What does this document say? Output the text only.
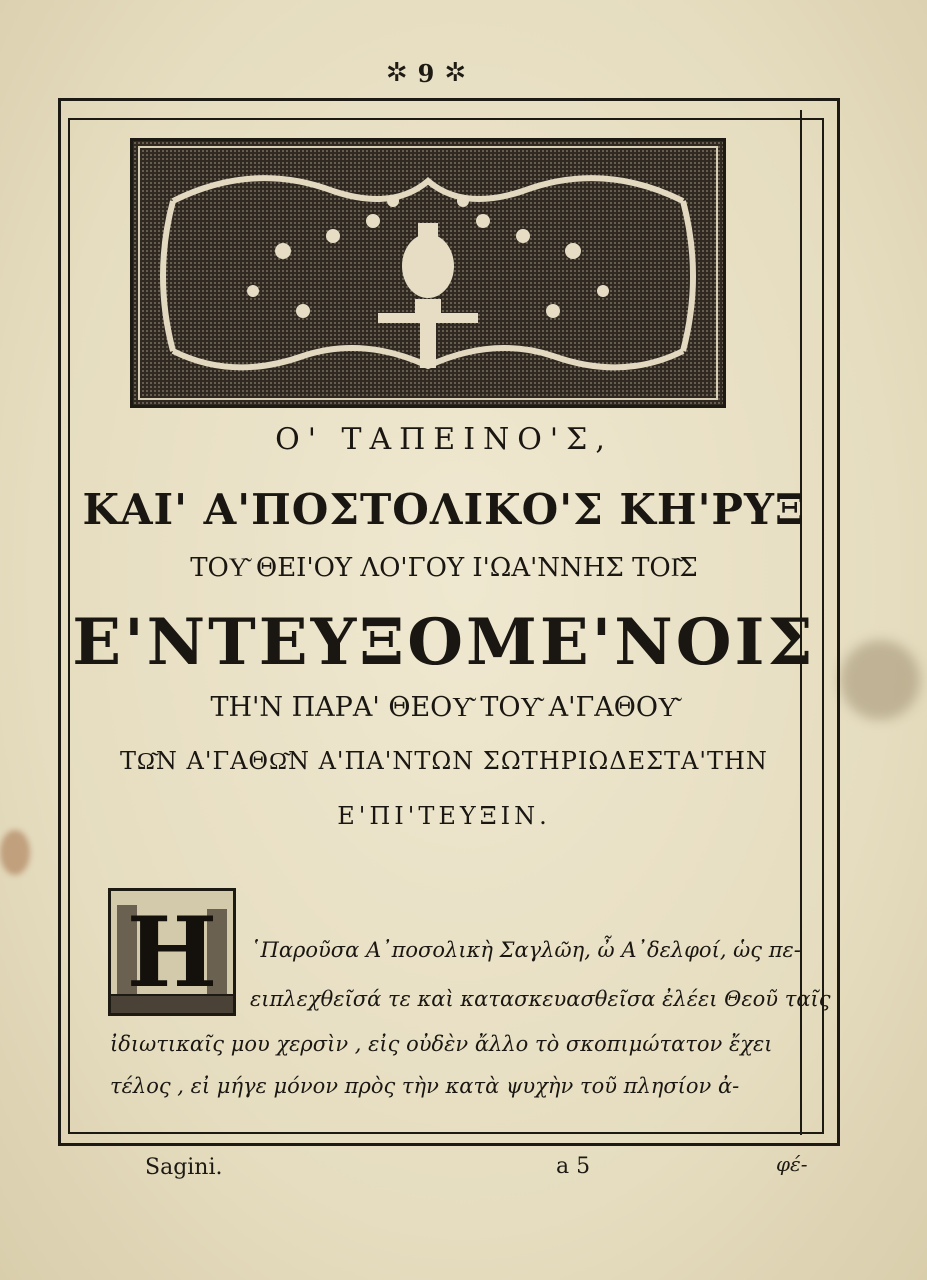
✲ 9 ✲
Ο' ΤΑΠΕΙΝΟ'Σ,
ΚΑΙ' Α'ΠΟΣΤΟΛΙΚΟ'Σ ΚΗ'ΡΥΞ
ΤΟΥ͂ ΘΕΙ'ΟΥ ΛΟ'ΓΟΥ Ι'ΩΑ'ΝΝΗΣ ΤΟΙ͂Σ
Ε'ΝΤΕΥΞΟΜΕ'ΝΟΙΣ
ΤΗ'Ν ΠΑΡΑ' ΘΕΟΥ͂ ΤΟΥ͂ Α'ΓΑΘΟΥ͂
ΤΩ͂Ν Α'ΓΑΘΩ͂Ν Α'ΠΑ'ΝΤΩΝ ΣΩΤΗΡΙΩΔΕΣΤΑ'ΤΗΝ
Ε'ΠΙ'ΤΕΥΞΙΝ.
H	῾Παροῦσα Α᾿ποσολικὴ Σαγλῶη, ὦ Α᾿δελφοί, ὡς πε-
ειπλεχθεῖσά τε καὶ κατασκευασθεῖσα ἐλέει Θεοῦ ταῖς
ἰδιωτικαῖς μου χερσὶν , εἰς οὐδὲν ἄλλο τὸ σκοπιμώτατον ἔχει
τέλος , εἰ μήγε μόνον πρὸς τὴν κατὰ ψυχὴν τοῦ πλησίον ἀ-
Sagini.	a 5	φέ-
